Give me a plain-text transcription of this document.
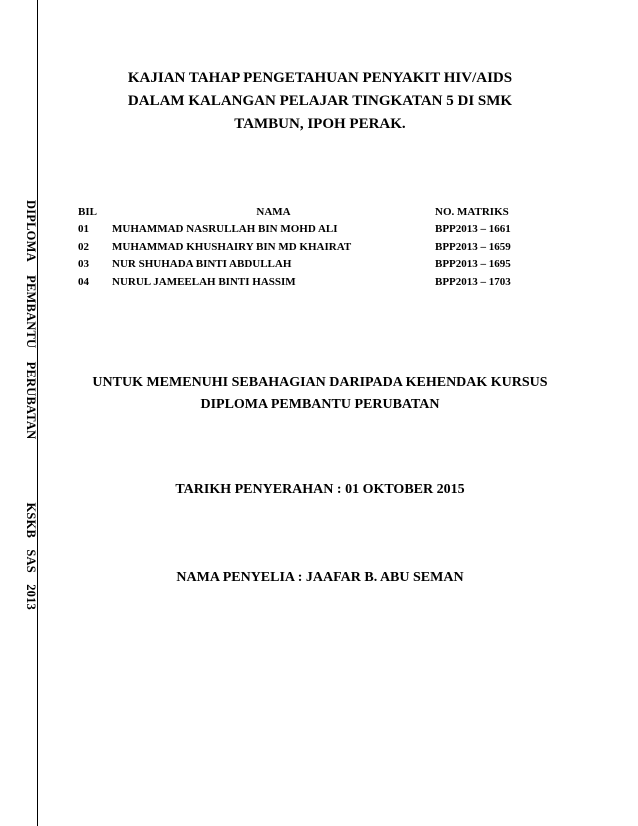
DIPLOMA PEMBANTU PERUBATAN
KSKB SAS 2013
KAJIAN TAHAP PENGETAHUAN PENYAKIT HIV/AIDS
DALAM KALANGAN PELAJAR TINGKATAN 5 DI SMK
TAMBUN, IPOH PERAK.
BIL	NAMA	NO. MATRIKS
01	MUHAMMAD NASRULLAH BIN MOHD ALI	BPP2013 – 1661
02	MUHAMMAD KHUSHAIRY BIN MD KHAIRAT	BPP2013 – 1659
03	NUR SHUHADA BINTI ABDULLAH	BPP2013 – 1695
04	NURUL JAMEELAH BINTI HASSIM	BPP2013 – 1703
UNTUK MEMENUHI SEBAHAGIAN DARIPADA KEHENDAK KURSUS
DIPLOMA PEMBANTU PERUBATAN
TARIKH PENYERAHAN : 01 OKTOBER 2015
NAMA PENYELIA : JAAFAR B. ABU SEMAN
